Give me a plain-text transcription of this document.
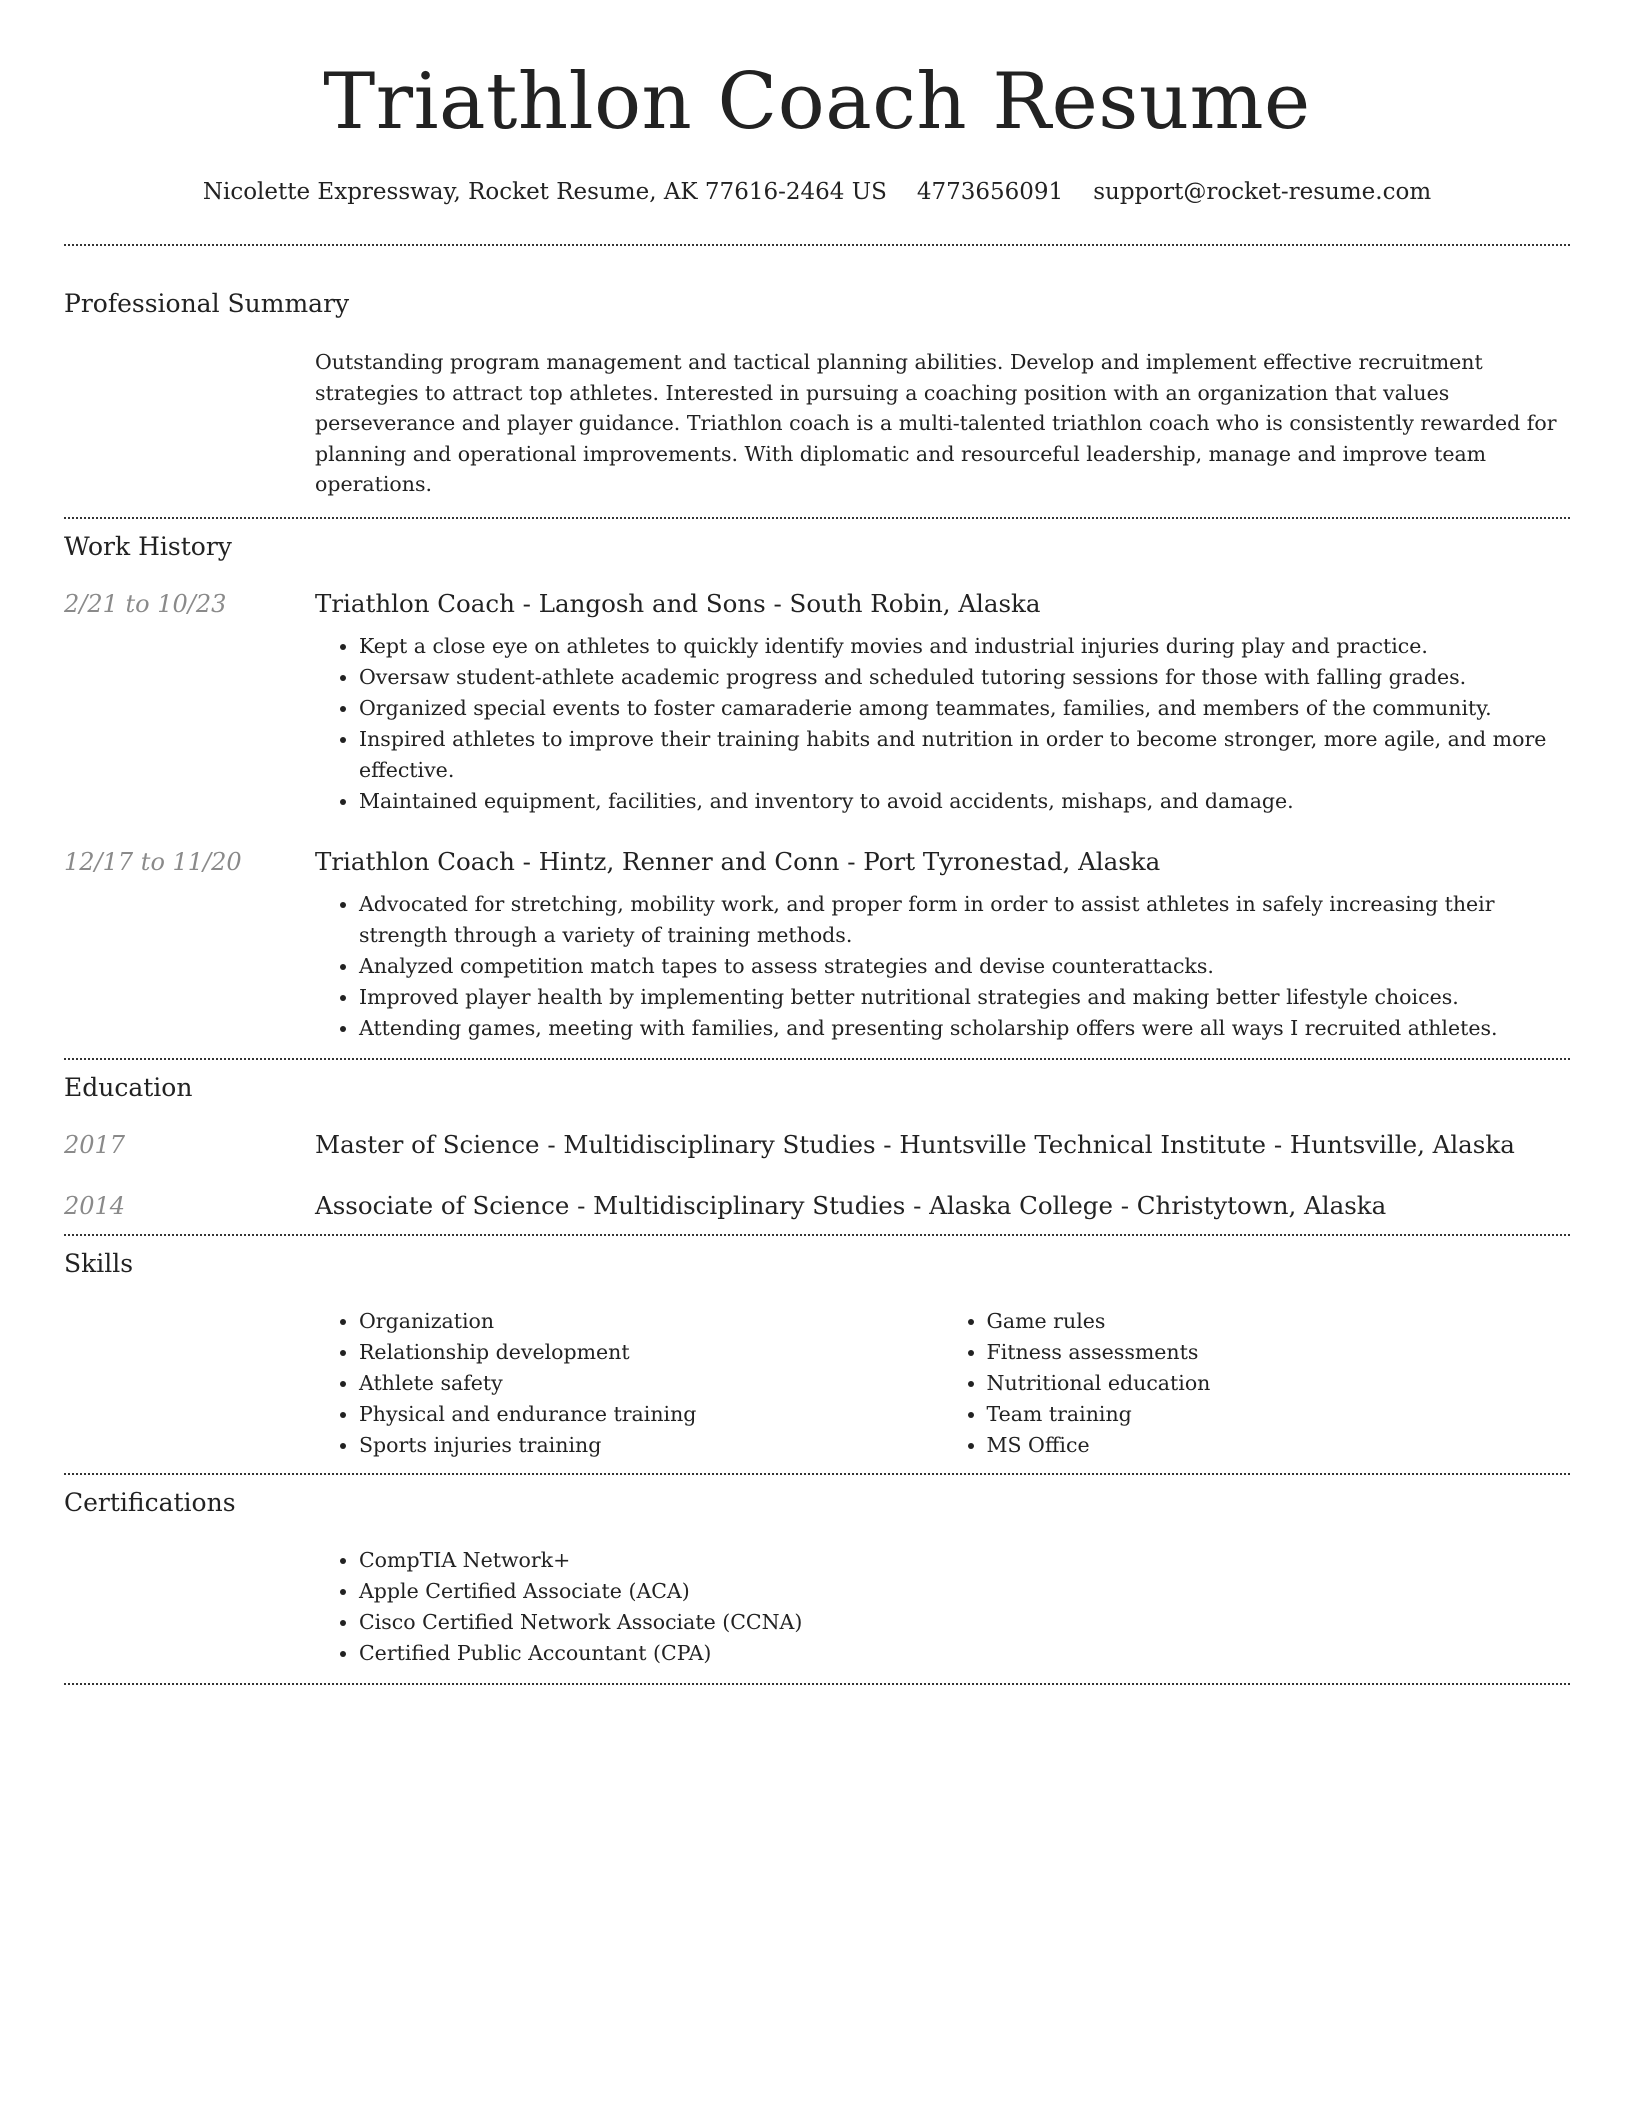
Triathlon Coach Resume
Nicolette Expressway, Rocket Resume, AK 77616-2464 US 4773656091 support@rocket-resume.com
Professional Summary

Outstanding program management and tactical planning abilities. Develop and implement effective recruitment strategies to attract top athletes. Interested in pursuing a coaching position with an organization that values perseverance and player guidance. Triathlon coach is a multi-talented triathlon coach who is consistently rewarded for planning and operational improvements. With diplomatic and resourceful leadership, manage and improve team operations.

Work History
2/21 to 10/23	Triathlon Coach - Langosh and Sons - South Robin, Alaska
• Kept a close eye on athletes to quickly identify movies and industrial injuries during play and practice.
• Oversaw student-athlete academic progress and scheduled tutoring sessions for those with falling grades.
• Organized special events to foster camaraderie among teammates, families, and members of the community.
• Inspired athletes to improve their training habits and nutrition in order to become stronger, more agile, and more effective.
• Maintained equipment, facilities, and inventory to avoid accidents, mishaps, and damage.
12/17 to 11/20	Triathlon Coach - Hintz, Renner and Conn - Port Tyronestad, Alaska
• Advocated for stretching, mobility work, and proper form in order to assist athletes in safely increasing their strength through a variety of training methods.
• Analyzed competition match tapes to assess strategies and devise counterattacks.
• Improved player health by implementing better nutritional strategies and making better lifestyle choices.
• Attending games, meeting with families, and presenting scholarship offers were all ways I recruited athletes.
Education
2017	Master of Science - Multidisciplinary Studies - Huntsville Technical Institute - Huntsville, Alaska
2014	Associate of Science - Multidisciplinary Studies - Alaska College - Christytown, Alaska
Skills
• Organization
• Relationship development
• Athlete safety
• Physical and endurance training
• Sports injuries training
• Game rules
• Fitness assessments
• Nutritional education
• Team training
• MS Office
Certifications
• CompTIA Network+
• Apple Certified Associate (ACA)
• Cisco Certified Network Associate (CCNA)
• Certified Public Accountant (CPA)
